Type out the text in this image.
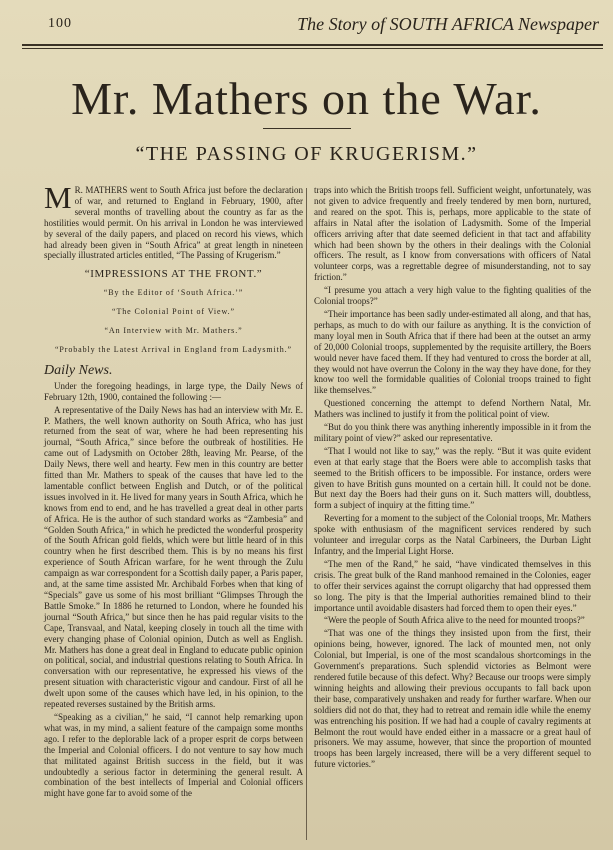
100	The Story of SOUTH AFRICA Newspaper
Mr. Mathers on the War.
“THE PASSING OF KRUGERISM.”

M R. MATHERS went to South Africa just before the declaration of war, and returned to England in February, 1900, after several months of travelling about the country as far as the hostilities would permit. On his arrival in London he was interviewed by several of the daily papers, and placed on record his views, which had already been given in “South Africa” at great length in nineteen specially illustrated articles entitled, “The Passing of Krugerism.”

“IMPRESSIONS AT THE FRONT.”

“By the Editor of ‘South Africa.’”

“The Colonial Point of View.”

“An Interview with Mr. Mathers.”

“Probably the Latest Arrival in England from Ladysmith.”

Daily News.

Under the foregoing headings, in large type, the Daily News of February 12th, 1900, contained the following :—

A representative of the Daily News has had an interview with Mr. E. P. Mathers, the well known authority on South Africa, who has just returned from the seat of war, where he had been representing his journal, “South Africa,” since before the outbreak of hostilities. He came out of Ladysmith on October 28th, leaving Mr. Pearse, of the Daily News, there well and hearty. Few men in this country are better fitted than Mr. Mathers to speak of the causes that have led to the lamentable conflict between English and Dutch, or of the political issues involved in it. He lived for many years in South Africa, which he knows from end to end, and he has travelled a great deal in other parts of Africa. He is the author of such standard works as “Zambesia” and “Golden South Africa,” in which he predicted the wonderful prosperity of the South African gold fields, which were but little heard of in this country when he first described them. This is by no means his first experience of South African warfare, for he went through the Zulu campaign as war correspondent for a Scottish daily paper, a Paris paper, and, at the same time assisted Mr. Archibald Forbes when that king of “Specials” gave us some of his most brilliant “Glimpses Through the Battle Smoke.” In 1886 he returned to London, where he founded his journal “South Africa,” but since then he has paid regular visits to the Cape, Transvaal, and Natal, keeping closely in touch all the time with every changing phase of Colonial opinion, Dutch as well as English. Mr. Mathers has done a great deal in England to educate public opinion on political, social, and industrial questions relating to South Africa. In conversation with our representative, he expressed his views of the present situation with characteristic vigour and candour. First of all he dwelt upon some of the causes which have led, in his opinion, to the repeated reverses sustained by the British arms.

“Speaking as a civilian,” he said, “I cannot help remarking upon what was, in my mind, a salient feature of the campaign some months ago. I refer to the deplorable lack of a proper esprit de corps between the Imperial and Colonial officers. I do not venture to say how much that militated against British success in the field, but it was undoubtedly a serious factor in determining the general result. A combination of the best intellects of Imperial and Colonial officers might have gone far to avoid some of the

traps into which the British troops fell. Sufficient weight, unfortunately, was not given to advice frequently and freely tendered by men born, nurtured, and reared on the spot. This is, perhaps, more applicable to the state of affairs in Natal after the isolation of Ladysmith. Some of the Imperial officers arriving after that date seemed deficient in that tact and affability which had been shown by the others in their dealings with the Colonial officers. The result, as I know from conversations with officers of Natal volunteer corps, was a regrettable degree of misunderstanding, not to say friction.”

“I presume you attach a very high value to the fighting qualities of the Colonial troops?”

“Their importance has been sadly under-estimated all along, and that has, perhaps, as much to do with our failure as anything. It is the conviction of many loyal men in South Africa that if there had been at the outset an army of 20,000 Colonial troops, supplemented by the requisite artillery, the Boers would never have faced them. If they had ventured to cross the border at all, they would not have overrun the Colony in the way they have done, for they know too well the formidable qualities of Colonial troops trained to fight like themselves.”

Questioned concerning the attempt to defend Northern Natal, Mr. Mathers was inclined to justify it from the political point of view.

“But do you think there was anything inherently impossible in it from the military point of view?” asked our representative.

“That I would not like to say,” was the reply. “But it was quite evident even at that early stage that the Boers were able to accomplish tasks that seemed to the British officers to be impossible. For instance, orders were given to have British guns mounted on a certain hill. It could not be done. But next day the Boers had their guns on it. Such matters will, doubtless, form a subject of inquiry at the fitting time.”

Reverting for a moment to the subject of the Colonial troops, Mr. Mathers spoke with enthusiasm of the magnificent services rendered by such volunteer and irregular corps as the Natal Carbineers, the Durban Light Infantry, and the Imperial Light Horse.

“The men of the Rand,” he said, “have vindicated themselves in this crisis. The great bulk of the Rand manhood remained in the Colonies, eager to offer their services against the corrupt oligarchy that had oppressed them so long. The pity is that the Imperial authorities remained blind to their importance until avoidable disasters had forced them to open their eyes.”

“Were the people of South Africa alive to the need for mounted troops?”

“That was one of the things they insisted upon from the first, their opinions being, however, ignored. The lack of mounted men, not only Colonial, but Imperial, is one of the most scandalous shortcomings in the Government's preparations. Such splendid victories as Belmont were rendered futile because of this defect. Why? Because our troops were simply winning heights and allowing their previous occupants to fall back upon their base, comparatively unshaken and ready for further warfare. When our soldiers did not do that, they had to retreat and remain idle while the enemy was entrenching his position. If we had had a couple of cavalry regiments at Belmont the rout would have ended either in a massacre or a great haul of prisoners. We may assume, however, that since the proportion of mounted troops has been largely increased, there will be a very different sequel to future victories.”
